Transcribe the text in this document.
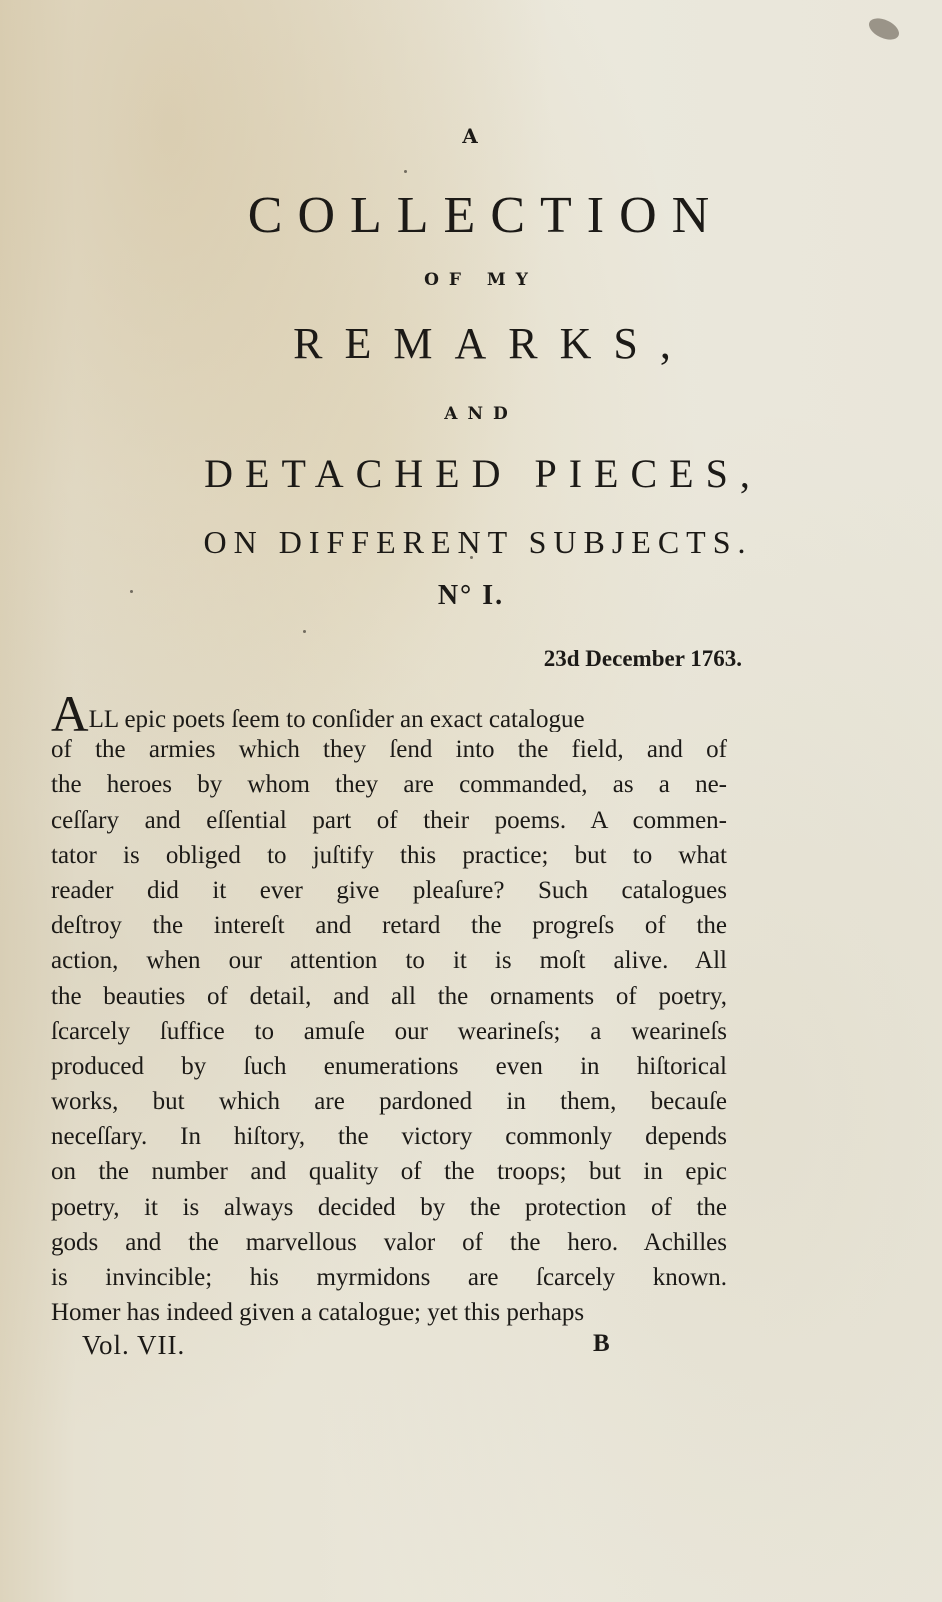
A
COLLECTION
OF MY
REMARKS,
AND
DETACHED PIECES,
ON DIFFERENT SUBJECTS.
N° I.
23d December 1763.
ALL epic poets ſeem to conſider an exact catalogue
of the armies which they ſend into the field, and of
the heroes by whom they are commanded, as a ne-
ceſſary and eſſential part of their poems. A commen-
tator is obliged to juſtify this practice; but to what
reader did it ever give pleaſure? Such catalogues
deſtroy the intereſt and retard the progreſs of the
action, when our attention to it is moſt alive. All
the beauties of detail, and all the ornaments of poetry,
ſcarcely ſuffice to amuſe our wearineſs; a wearineſs
produced by ſuch enumerations even in hiſtorical
works, but which are pardoned in them, becauſe
neceſſary. In hiſtory, the victory commonly depends
on the number and quality of the troops; but in epic
poetry, it is always decided by the protection of the
gods and the marvellous valor of the hero. Achilles
is invincible; his myrmidons are ſcarcely known.
Homer has indeed given a catalogue; yet this perhaps
Vol. VII.	B
